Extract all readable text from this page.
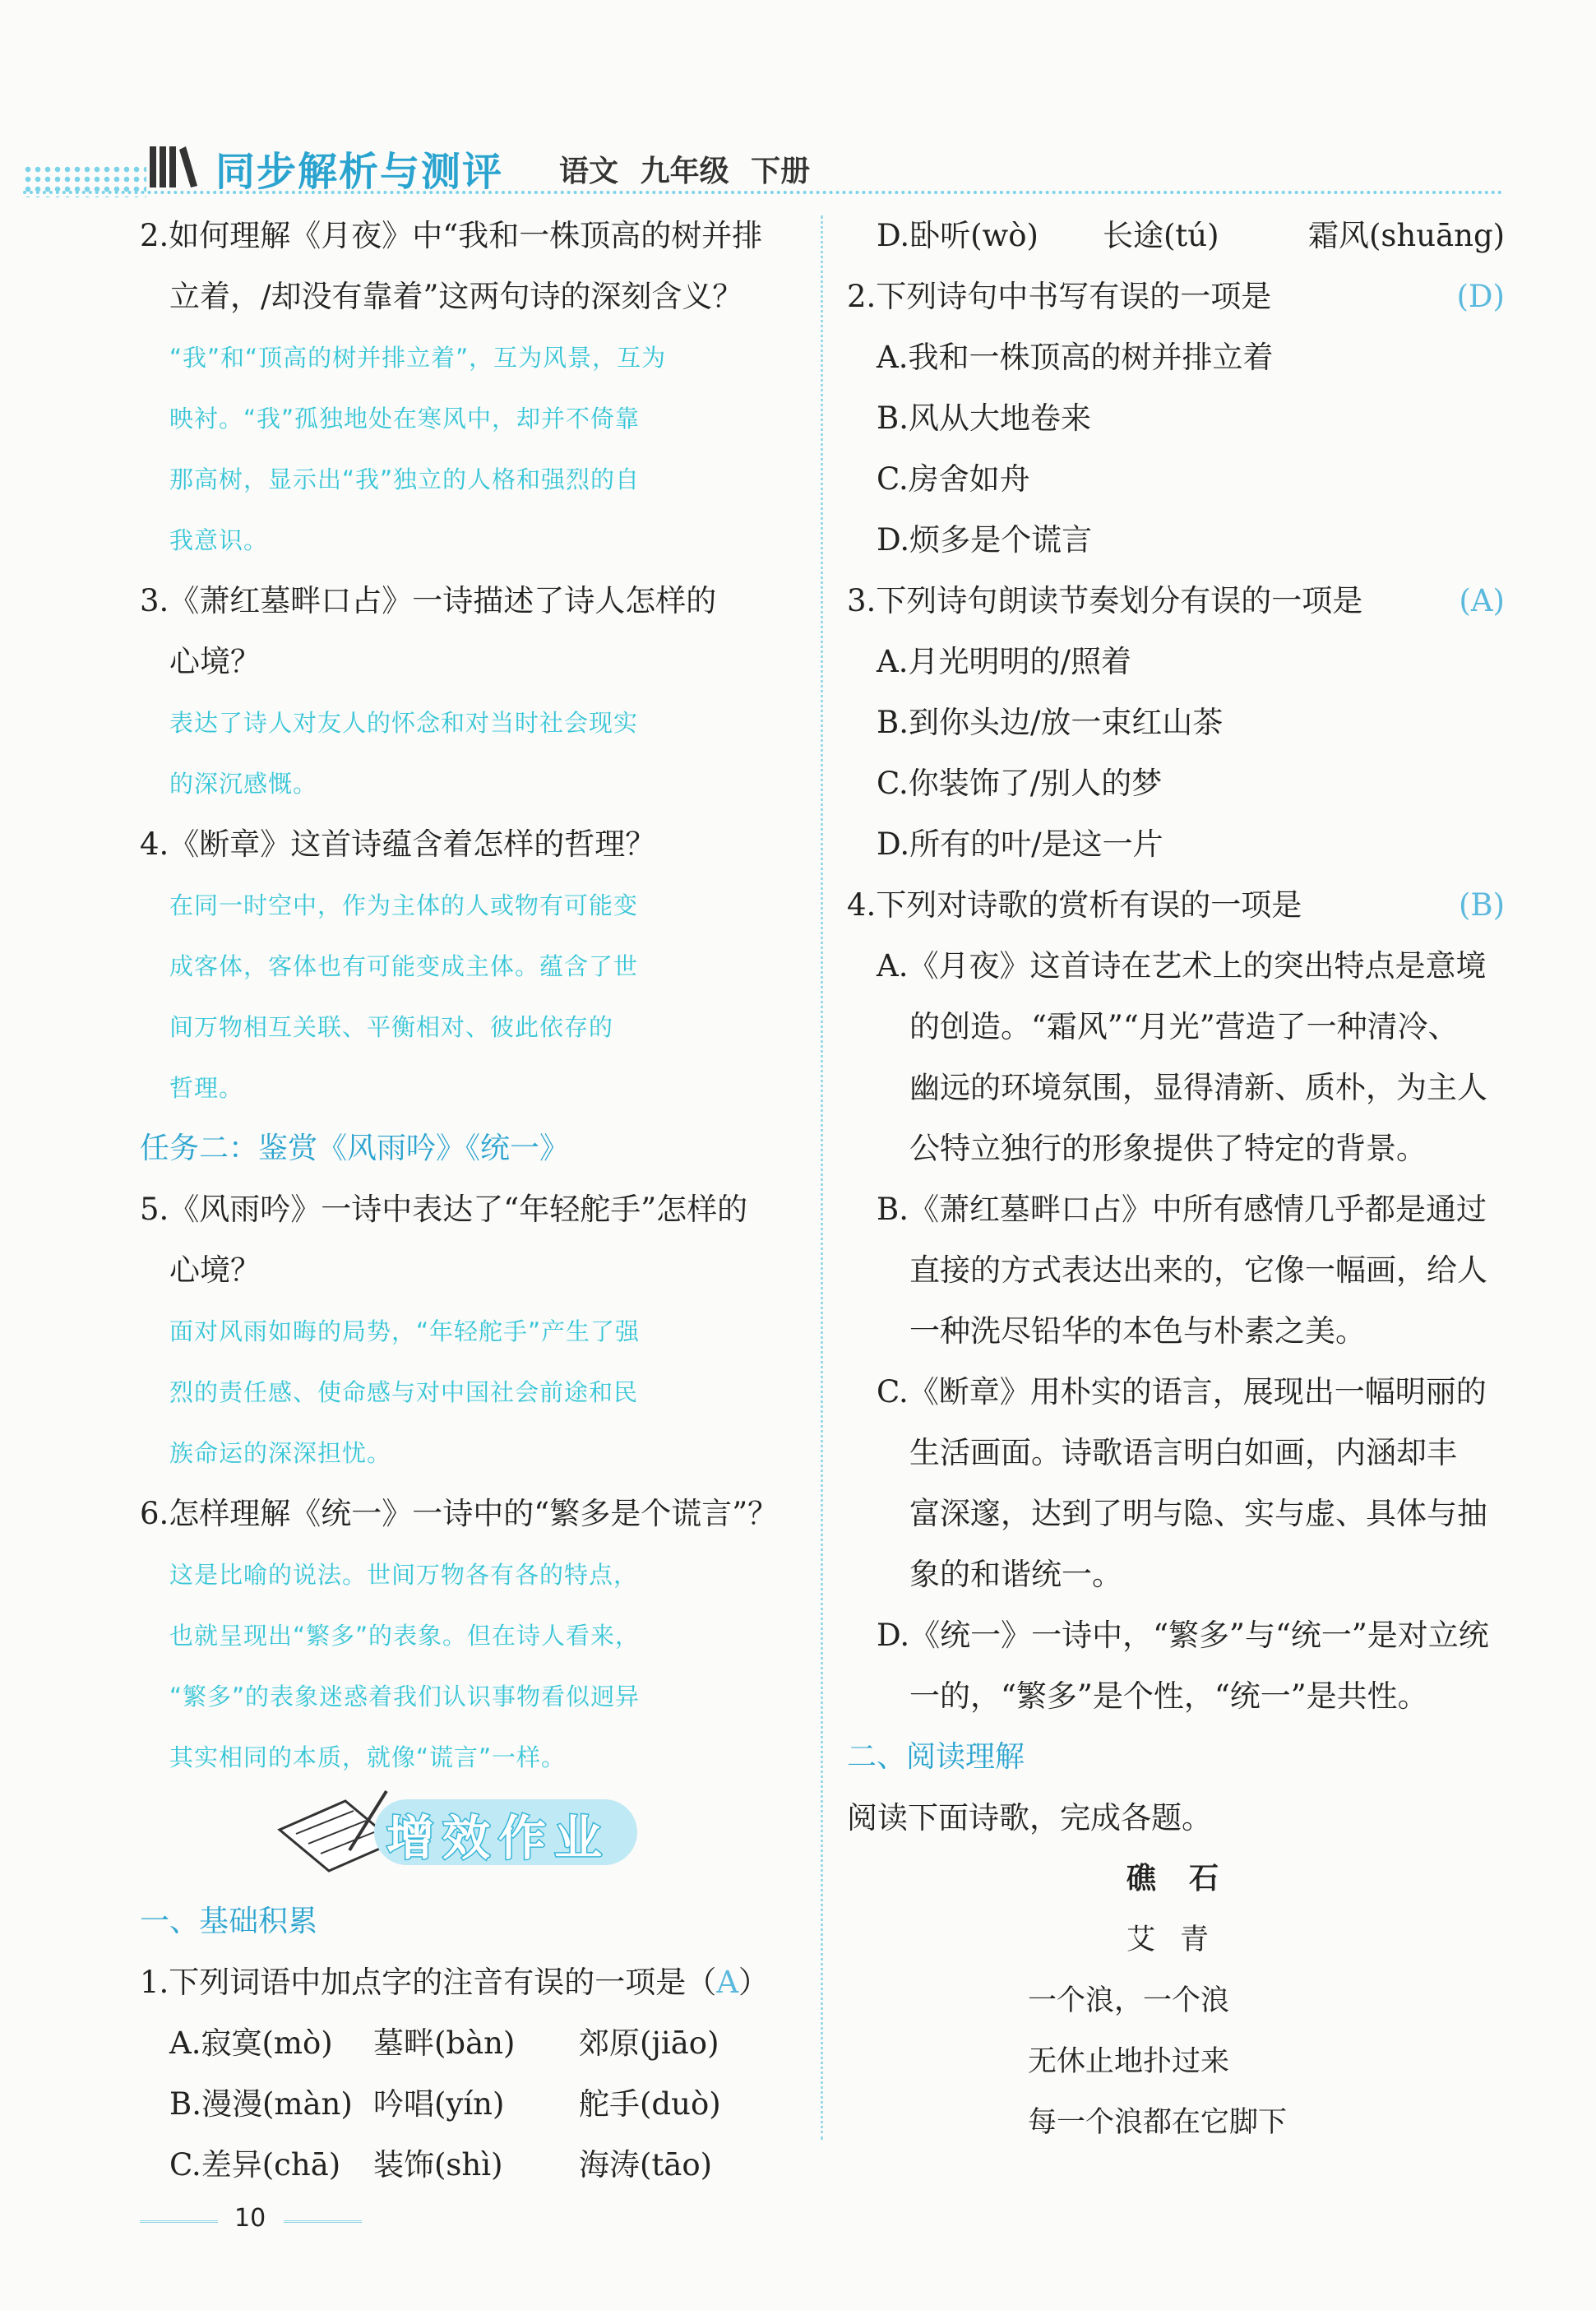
同步解析与测评 语文 九年级 下册
2.如何理解《月夜》中“我和一株顶高的树并排
立着，/却没有靠着”这两句诗的深刻含义？
“我”和“顶高的树并排立着”，互为风景，互为
映衬。“我”孤独地处在寒风中，却并不倚靠
那高树，显示出“我”独立的人格和强烈的自
我意识。
3.《萧红墓畔口占》一诗描述了诗人怎样的
心境？
表达了诗人对友人的怀念和对当时社会现实
的深沉感慨。
4.《断章》这首诗蕴含着怎样的哲理？
在同一时空中，作为主体的人或物有可能变
成客体，客体也有可能变成主体。蕴含了世
间万物相互关联、平衡相对、彼此依存的
哲理。
任务二：鉴赏《风雨吟》《统一》
5.《风雨吟》一诗中表达了“年轻舵手”怎样的
心境？
面对风雨如晦的局势，“年轻舵手”产生了强
烈的责任感、使命感与对中国社会前途和民
族命运的深深担忧。
6.怎样理解《统一》一诗中的“繁多是个谎言”？
这是比喻的说法。世间万物各有各的特点，
也就呈现出“繁多”的表象。但在诗人看来，
“繁多”的表象迷惑着我们认识事物看似迥异
其实相同的本质，就像“谎言”一样。
增效作业
一、基础积累
1.下列词语中加点字的注音有误的一项是（A）
A.寂寞(mò) 墓畔(bàn) 郊原(jiāo)
B.漫漫(màn) 吟唱(yín) 舵手(duò)
C.差异(chā) 装饰(shì) 海涛(tāo)
10
D.卧听(wò) 长途(tú)	霜风(shuāng)
2.下列诗句中书写有误的一项是	(D)
A.我和一株顶高的树并排立着
B.风从大地卷来
C.房舍如舟
D.烦多是个谎言
3.下列诗句朗读节奏划分有误的一项是	(A)
A.月光明明的/照着
B.到你头边/放一束红山茶
C.你装饰了/别人的梦
D.所有的叶/是这一片
4.下列对诗歌的赏析有误的一项是	(B)
A.《月夜》这首诗在艺术上的突出特点是意境
的创造。“霜风”“月光”营造了一种清冷、
幽远的环境氛围，显得清新、质朴，为主人
公特立独行的形象提供了特定的背景。
B.《萧红墓畔口占》中所有感情几乎都是通过
直接的方式表达出来的，它像一幅画，给人
一种洗尽铅华的本色与朴素之美。
C.《断章》用朴实的语言，展现出一幅明丽的
生活画面。诗歌语言明白如画，内涵却丰
富深邃，达到了明与隐、实与虚、具体与抽
象的和谐统一。
D.《统一》一诗中，“繁多”与“统一”是对立统
一的，“繁多”是个性，“统一”是共性。
二、阅读理解
阅读下面诗歌，完成各题。
礁石
艾青
一个浪，一个浪
无休止地扑过来
每一个浪都在它脚下
